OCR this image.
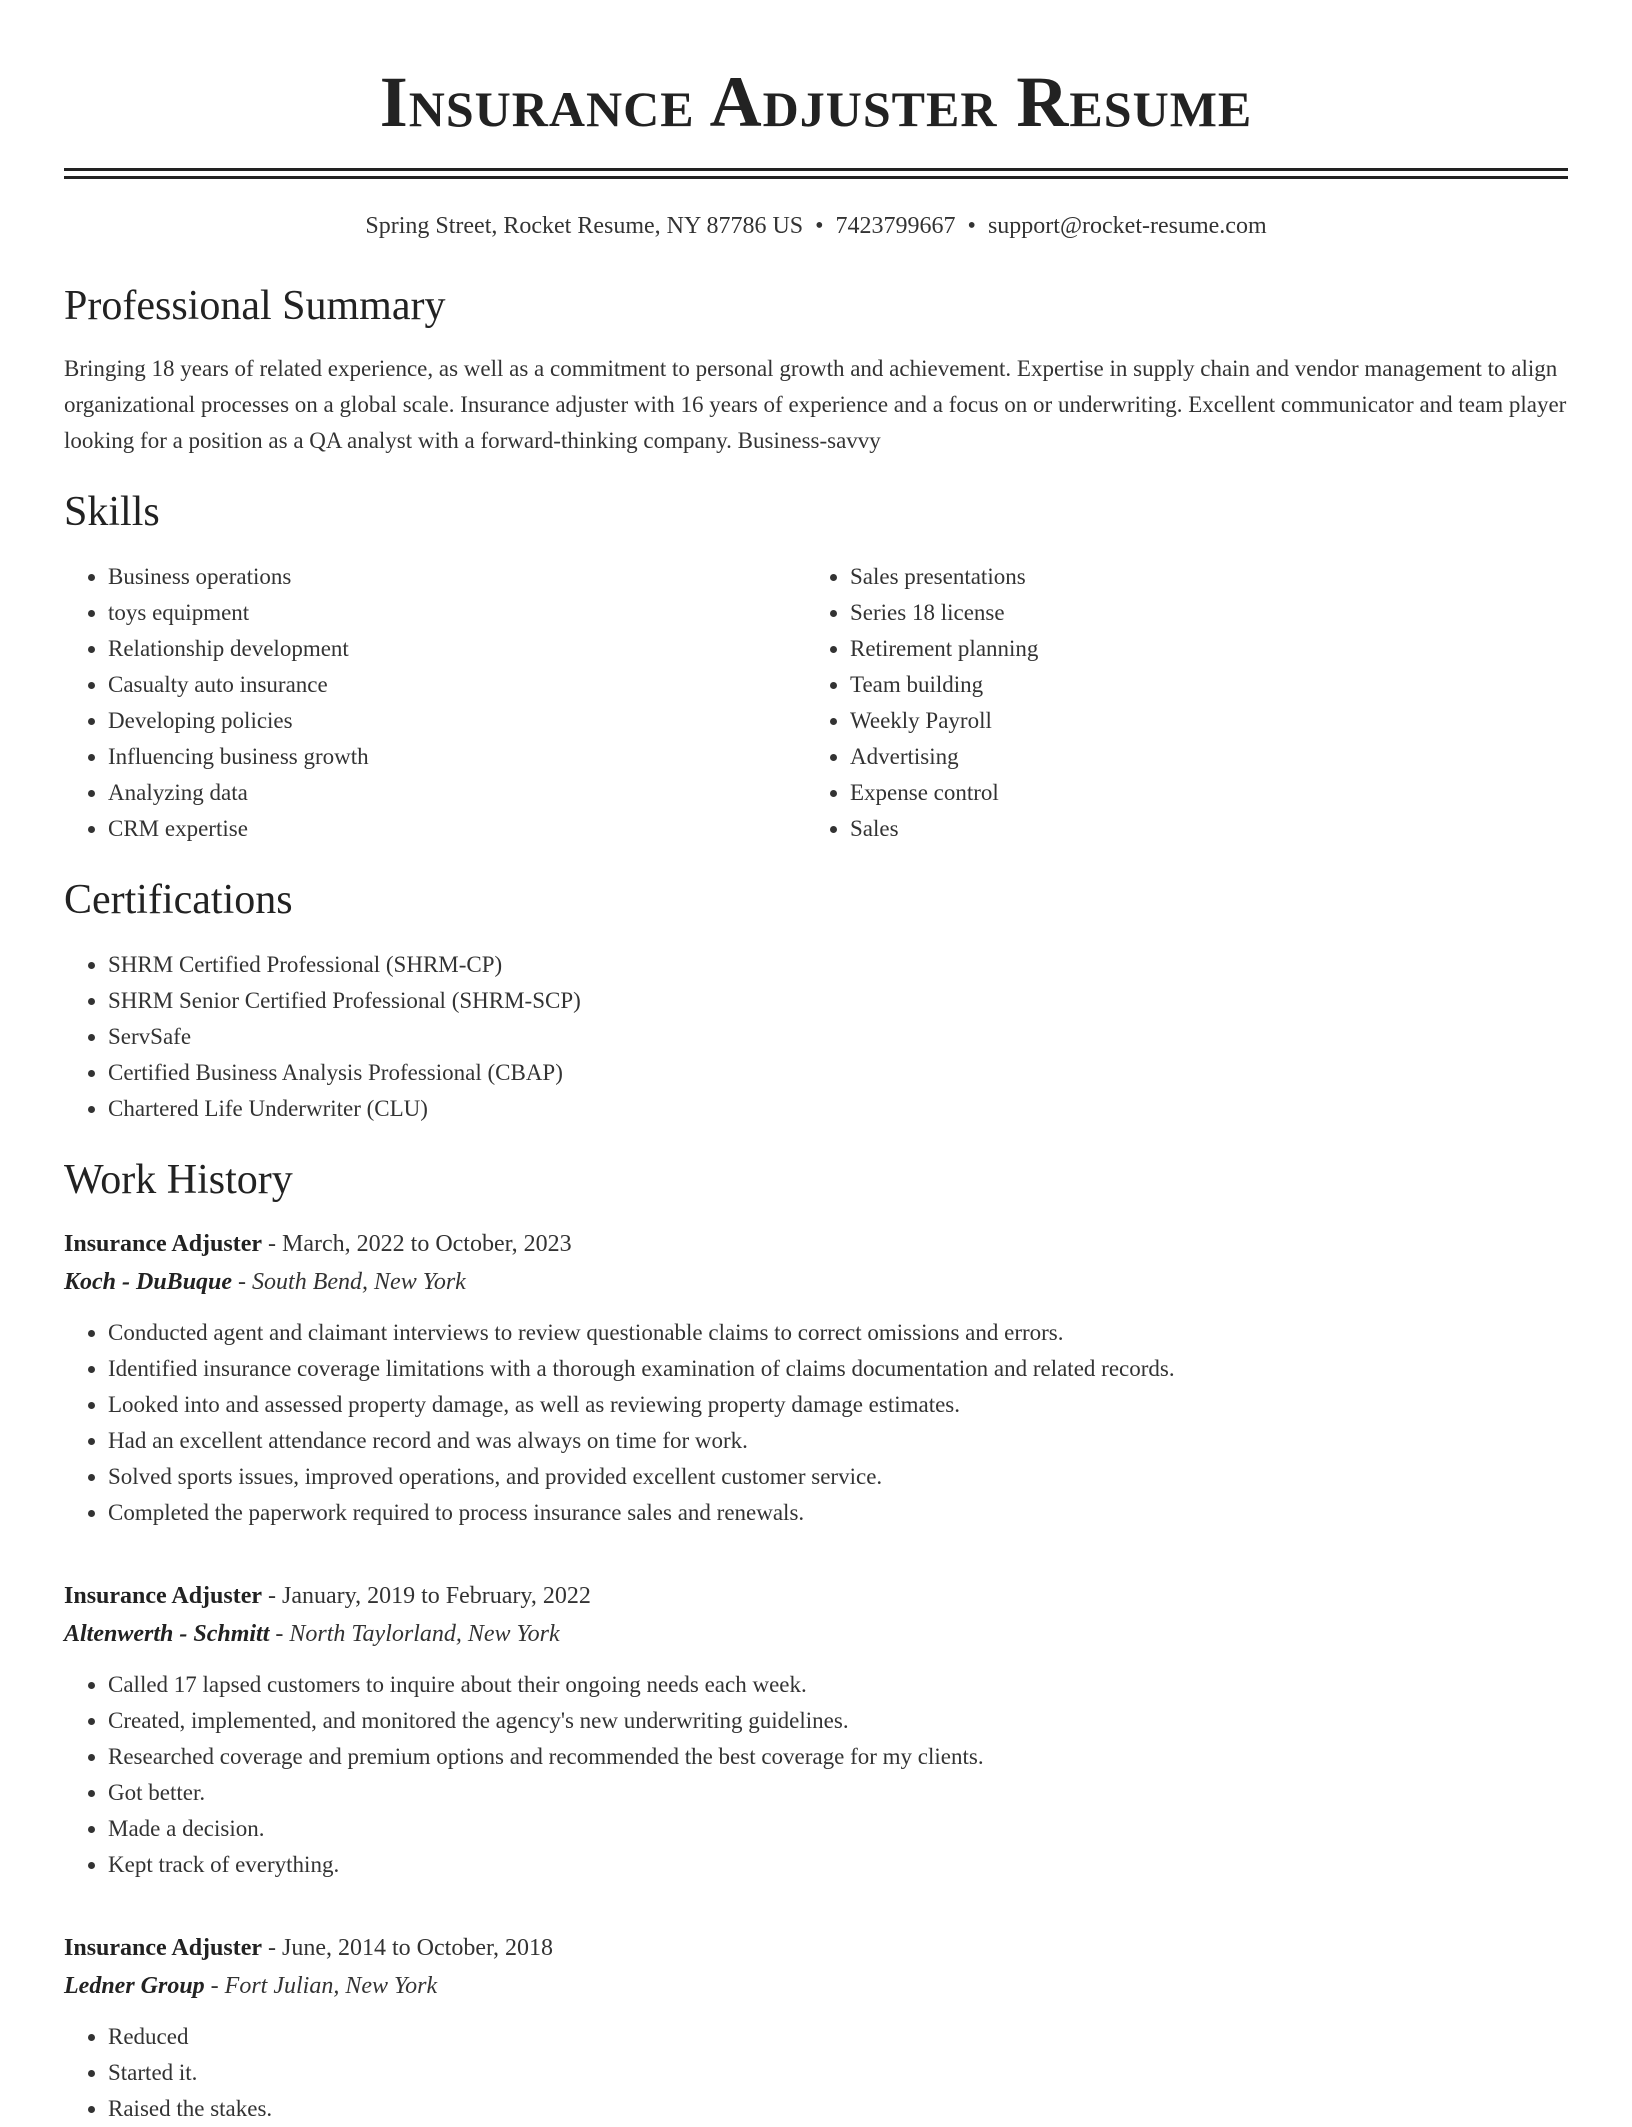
Insurance Adjuster Resume
Spring Street, Rocket Resume, NY 87786 US • 7423799667 • support@rocket-resume.com
Professional Summary

Bringing 18 years of related experience, as well as a commitment to personal growth and achievement. Expertise in supply chain and vendor management to align organizational processes on a global scale. Insurance adjuster with 16 years of experience and a focus on or underwriting. Excellent communicator and team player looking for a position as a QA analyst with a forward-thinking company. Business-savvy

Skills
• Business operations
• toys equipment
• Relationship development
• Casualty auto insurance
• Developing policies
• Influencing business growth
• Analyzing data
• CRM expertise
• Sales presentations
• Series 18 license
• Retirement planning
• Team building
• Weekly Payroll
• Advertising
• Expense control
• Sales
Certifications
• SHRM Certified Professional (SHRM-CP)
• SHRM Senior Certified Professional (SHRM-SCP)
• ServSafe
• Certified Business Analysis Professional (CBAP)
• Chartered Life Underwriter (CLU)
Work History
Insurance Adjuster - March, 2022 to October, 2023
Koch - DuBuque - South Bend, New York
• Conducted agent and claimant interviews to review questionable claims to correct omissions and errors.
• Identified insurance coverage limitations with a thorough examination of claims documentation and related records.
• Looked into and assessed property damage, as well as reviewing property damage estimates.
• Had an excellent attendance record and was always on time for work.
• Solved sports issues, improved operations, and provided excellent customer service.
• Completed the paperwork required to process insurance sales and renewals.
Insurance Adjuster - January, 2019 to February, 2022
Altenwerth - Schmitt - North Taylorland, New York
• Called 17 lapsed customers to inquire about their ongoing needs each week.
• Created, implemented, and monitored the agency's new underwriting guidelines.
• Researched coverage and premium options and recommended the best coverage for my clients.
• Got better.
• Made a decision.
• Kept track of everything.
Insurance Adjuster - June, 2014 to October, 2018
Ledner Group - Fort Julian, New York
• Reduced
• Started it.
• Raised the stakes.
